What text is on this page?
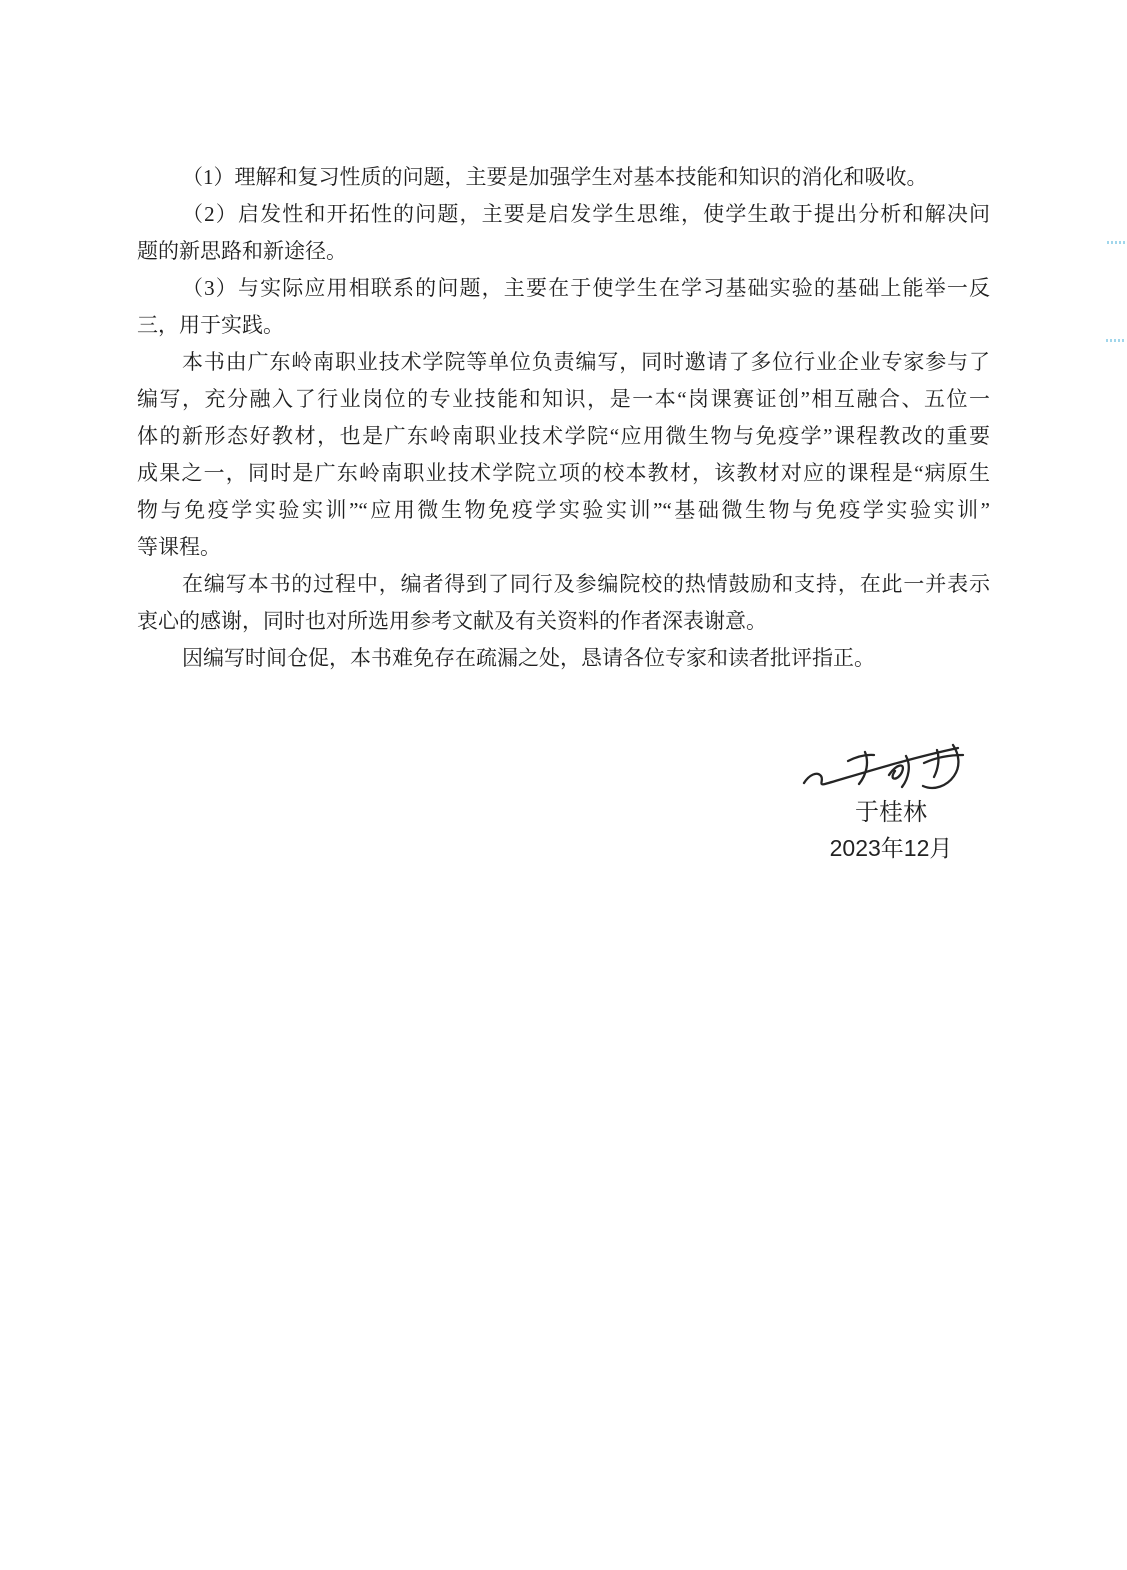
（1）理解和复习性质的问题，主要是加强学生对基本技能和知识的消化和吸收。

（2）启发性和开拓性的问题，主要是启发学生思维，使学生敢于提出分析和解决问

题的新思路和新途径。

（3）与实际应用相联系的问题，主要在于使学生在学习基础实验的基础上能举一反

三，用于实践。

本书由广东岭南职业技术学院等单位负责编写，同时邀请了多位行业企业专家参与了

编写，充分融入了行业岗位的专业技能和知识，是一本“岗课赛证创”相互融合、五位一

体的新形态好教材，也是广东岭南职业技术学院“应用微生物与免疫学”课程教改的重要

成果之一，同时是广东岭南职业技术学院立项的校本教材，该教材对应的课程是“病原生

物与免疫学实验实训”“应用微生物免疫学实验实训”“基础微生物与免疫学实验实训”

等课程。

在编写本书的过程中，编者得到了同行及参编院校的热情鼓励和支持，在此一并表示

衷心的感谢，同时也对所选用参考文献及有关资料的作者深表谢意。

因编写时间仓促，本书难免存在疏漏之处，恳请各位专家和读者批评指正。

于桂林
2023年12月
